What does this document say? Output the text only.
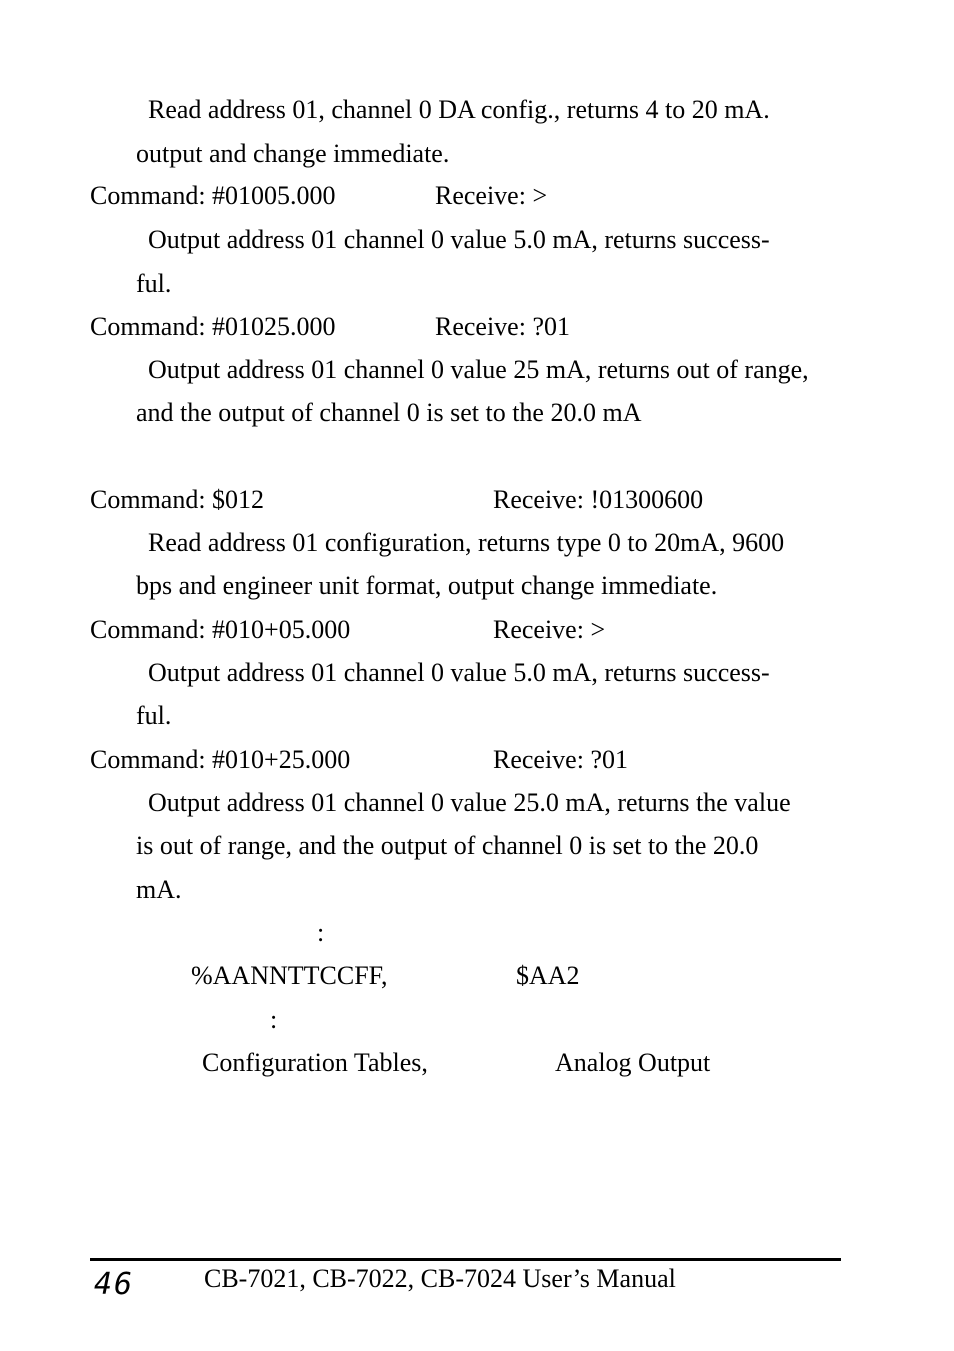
Read address 01, channel 0 DA config., returns 4 to 20 mA.
output and change immediate.
Command: #01005.000	Receive: >
Output address 01 channel 0 value 5.0 mA, returns success-
ful.
Command: #01025.000	Receive: ?01
Output address 01 channel 0 value 25 mA, returns out of range,
and the output of channel 0 is set to the 20.0 mA
Command: $012	Receive: !01300600
Read address 01 configuration, returns type 0 to 20mA, 9600
bps and engineer unit format, output change immediate.
Command: #010+05.000	Receive: >
Output address 01 channel 0 value 5.0 mA, returns success-
ful.
Command: #010+25.000	Receive: ?01
Output address 01 channel 0 value 25.0 mA, returns the value
is out of range, and the output of channel 0 is set to the 20.0
mA.
:
%AANNTTCCFF,	$AA2
:
Configuration Tables,	Analog Output
46	CB-7021, CB-7022, CB-7024 User’s Manual
